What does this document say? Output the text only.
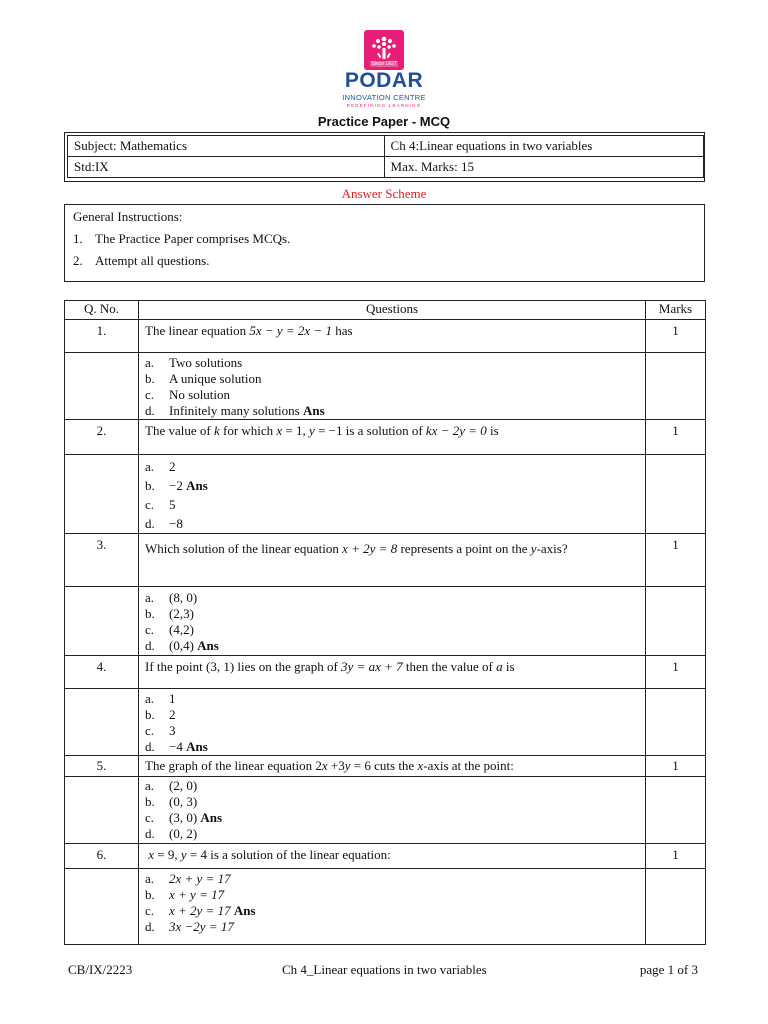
Since 1927
PODAR
INNOVATION CENTRE
REDEFINING LEARNING
Practice Paper - MCQ
Subject: Mathematics	Ch 4:Linear equations in two variables
Std:IX	Max. Marks: 15
Answer Scheme
General Instructions:
1. The Practice Paper comprises MCQs.
2. Attempt all questions.
Q. No.	Questions	Marks
1.	The linear equation 5x − y = 2x − 1 has	1

	a. Two solutions
b. A unique solution
c. No solution
d. Infinitely many solutions Ans	

2.	The value of k for which x = 1, y = −1 is a solution of kx − 2y = 0 is	1

	a. 2
b. −2 Ans
c. 5
d. −8	

3.	Which solution of the linear equation x + 2y = 8 represents a point on the y-axis?	1

	a. (8, 0)
b. (2,3)
c. (4,2)
d. (0,4) Ans	

4.	If the point (3, 1) lies on the graph of 3y = ax + 7 then the value of a is	1

	a. 1
b. 2
c. 3
d. −4 Ans	

5.	The graph of the linear equation 2x +3y = 6 cuts the x-axis at the point:	1

	a. (2, 0)
b. (0, 3)
c. (3, 0) Ans
d. (0, 2)	

6.	x = 9, y = 4 is a solution of the linear equation:	1

	a. 2x + y = 17
b. x + y = 17
c. x + 2y = 17 Ans
d. 3x −2y = 17	

CB/IX/2223	Ch 4_Linear equations in two variables	page 1 of 3
